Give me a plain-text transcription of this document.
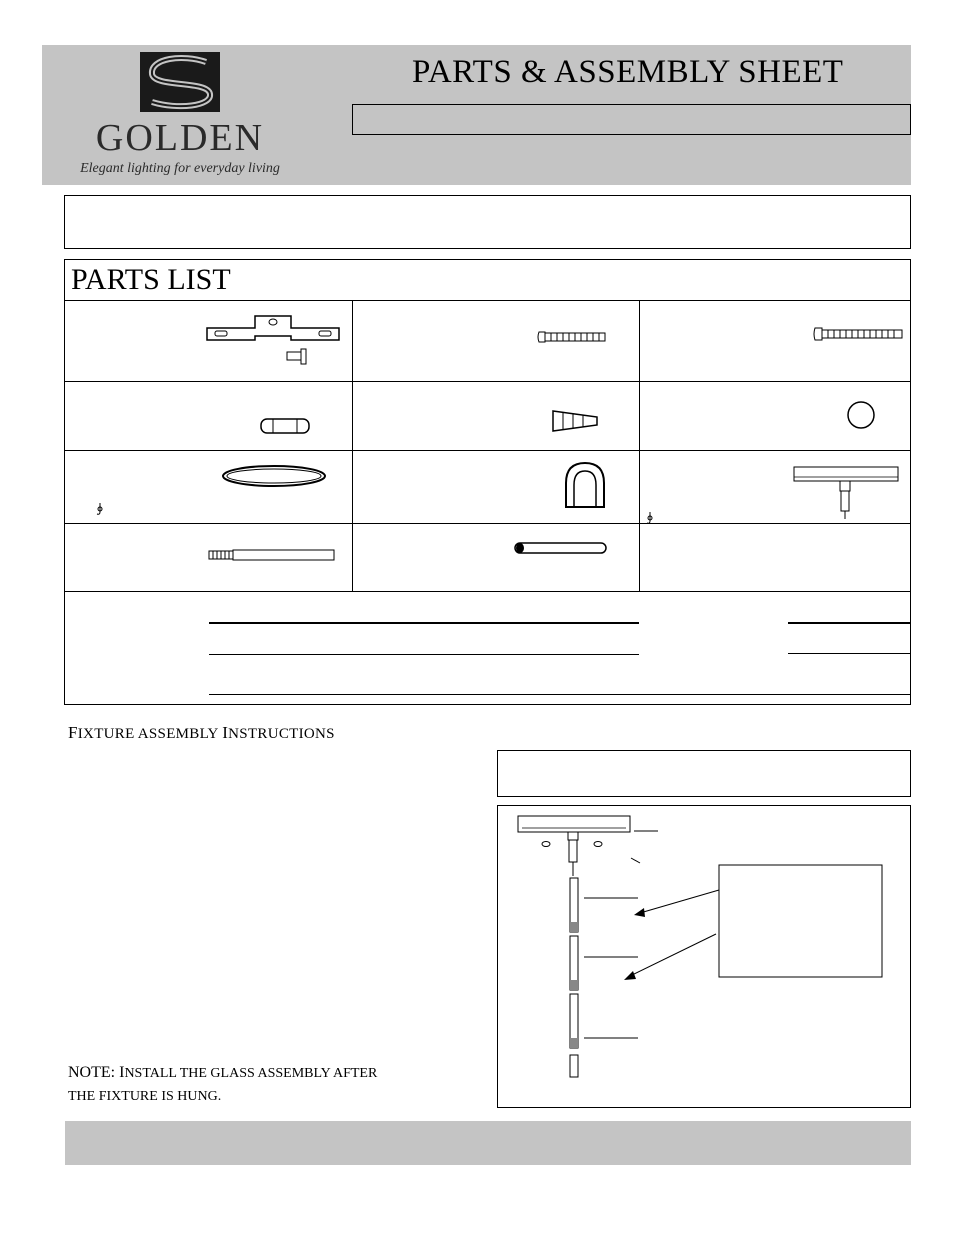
GOLDEN
Elegant lighting for everyday living
PARTS & ASSEMBLY SHEET
PARTS LIST
FIXTURE ASSEMBLY INSTRUCTIONS
NOTE: INSTALL THE GLASS ASSEMBLY AFTER
THE FIXTURE IS HUNG.
